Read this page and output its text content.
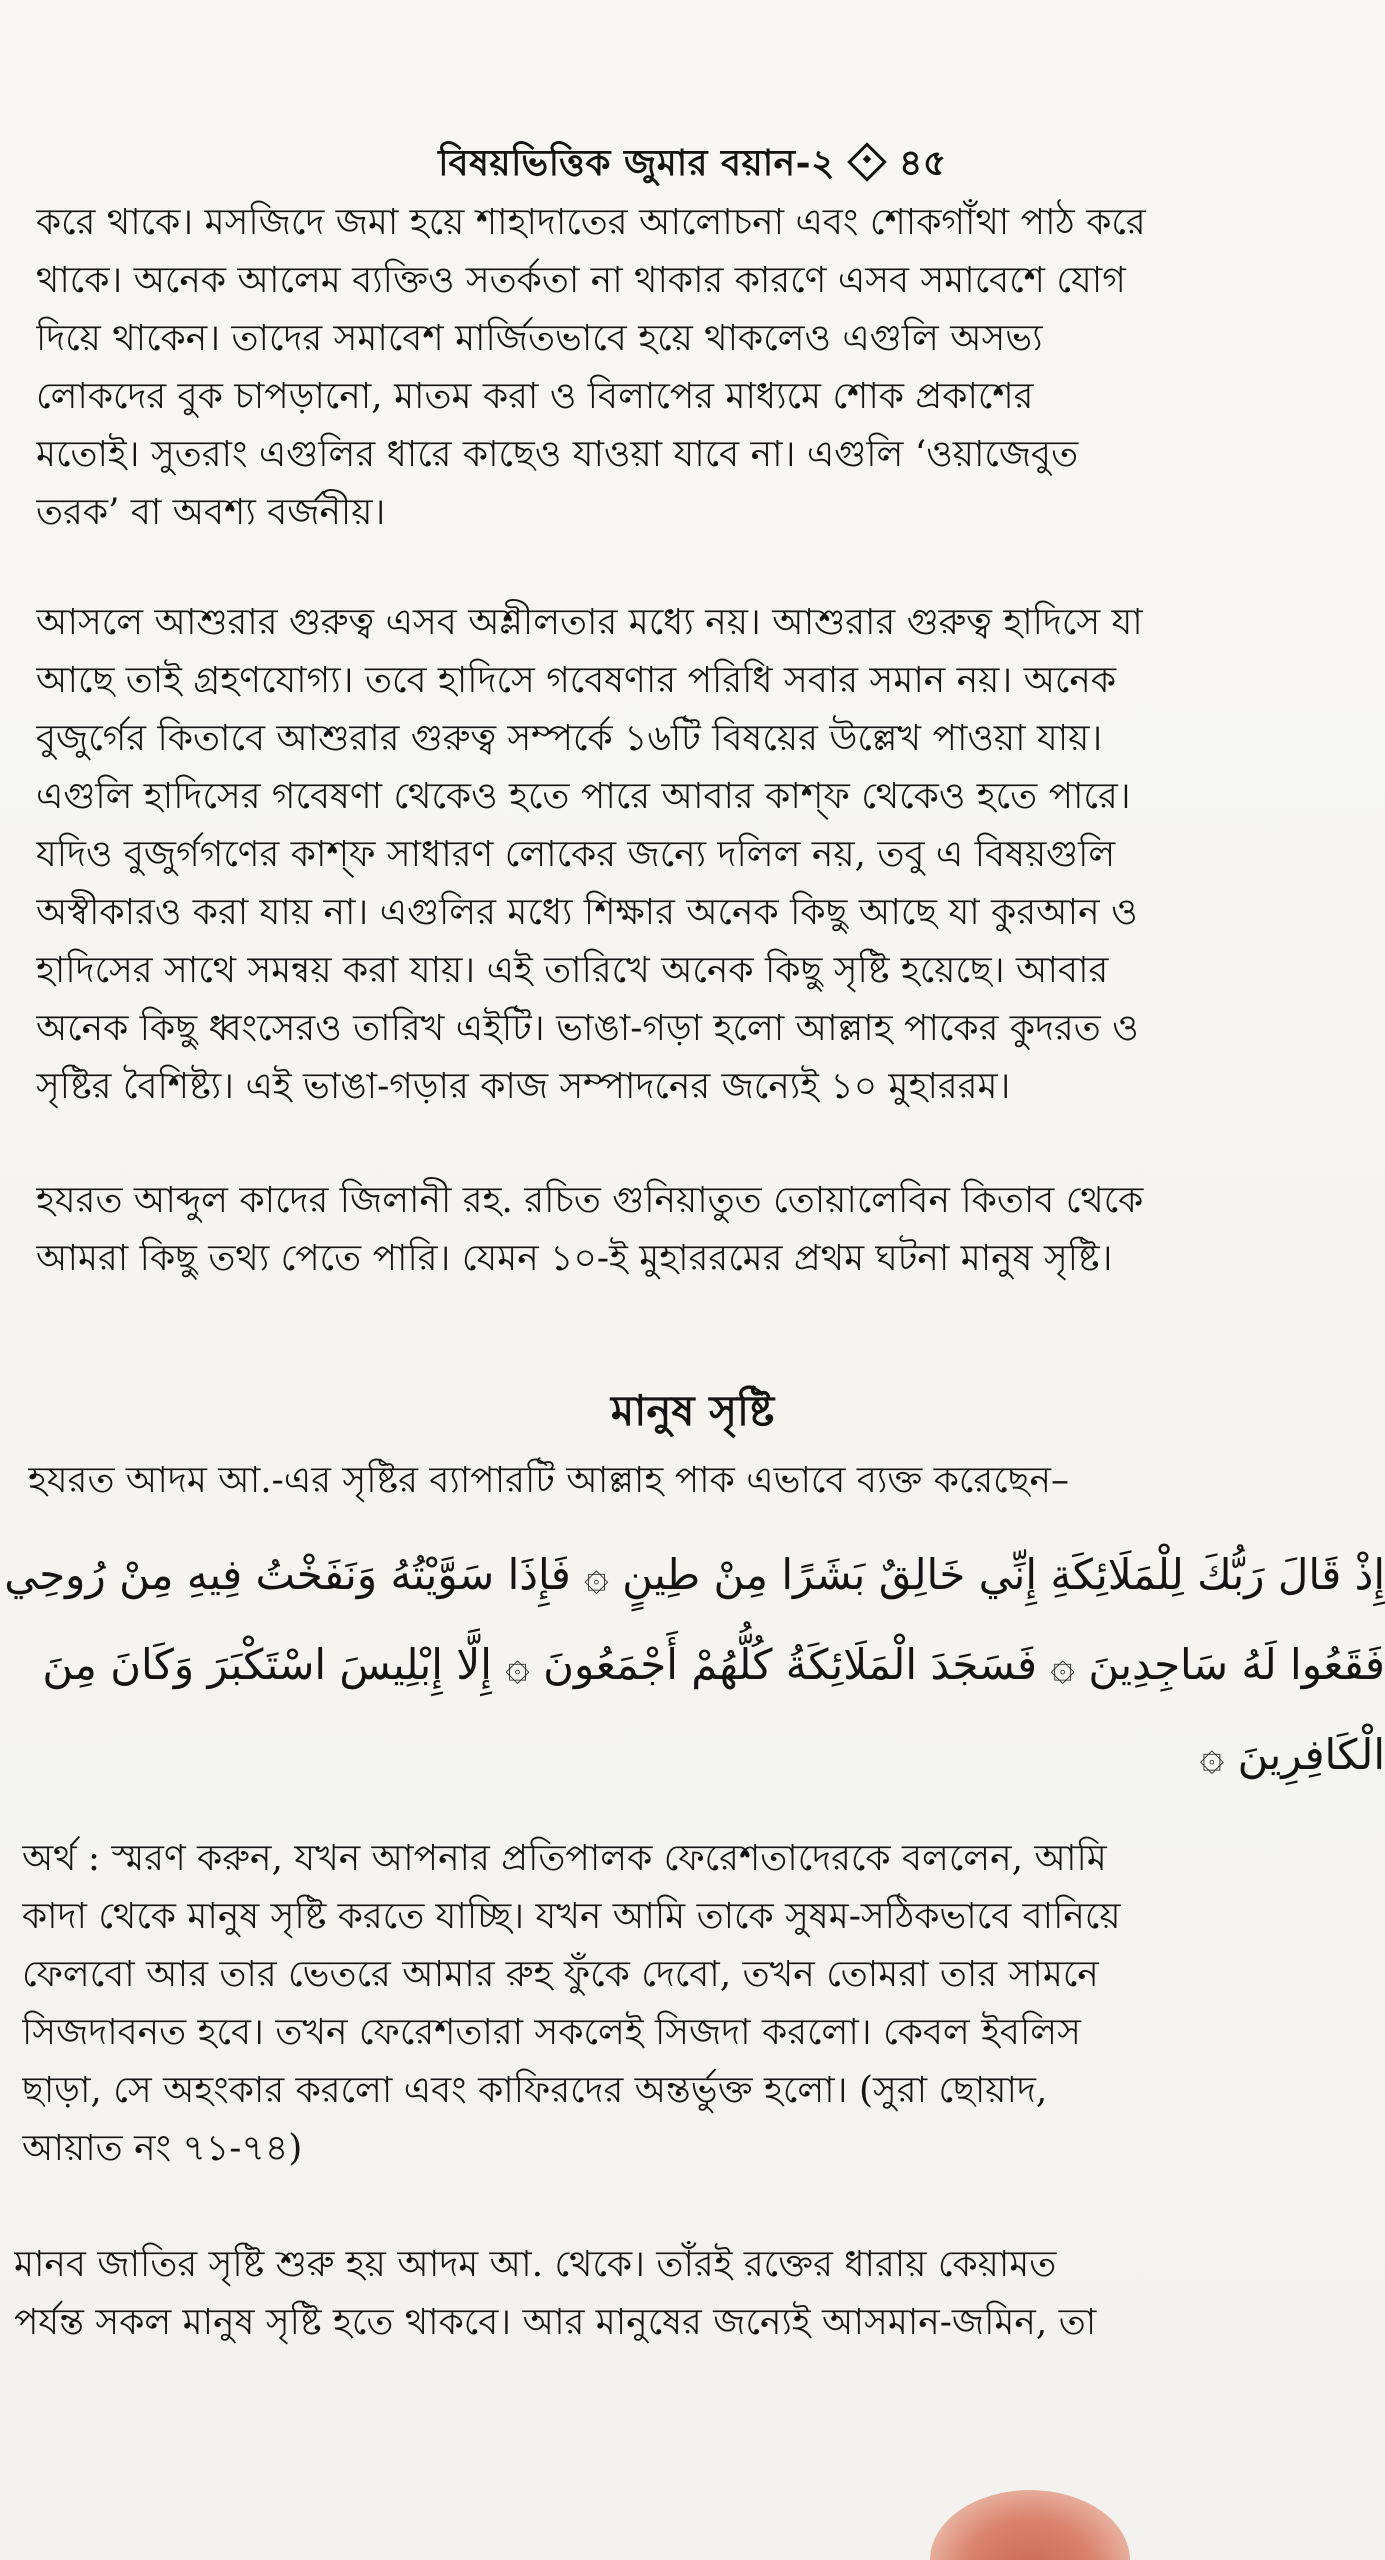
বিষয়ভিত্তিক জুমার বয়ান-২ ৪৫
করে থাকে। মসজিদে জমা হয়ে শাহাদাতের আলোচনা এবং শোকগাঁথা পাঠ করে
থাকে। অনেক আলেম ব্যক্তিও সতর্কতা না থাকার কারণে এসব সমাবেশে যোগ
দিয়ে থাকেন। তাদের সমাবেশ মার্জিতভাবে হয়ে থাকলেও এগুলি অসভ্য
লোকদের বুক চাপড়ানো, মাতম করা ও বিলাপের মাধ্যমে শোক প্রকাশের
মতোই। সুতরাং এগুলির ধারে কাছেও যাওয়া যাবে না। এগুলি ‘ওয়াজেবুত
তরক’ বা অবশ্য বর্জনীয়।
আসলে আশুরার গুরুত্ব এসব অশ্লীলতার মধ্যে নয়। আশুরার গুরুত্ব হাদিসে যা
আছে তাই গ্রহণযোগ্য। তবে হাদিসে গবেষণার পরিধি সবার সমান নয়। অনেক
বুজুর্গের কিতাবে আশুরার গুরুত্ব সম্পর্কে ১৬টি বিষয়ের উল্লেখ পাওয়া যায়।
এগুলি হাদিসের গবেষণা থেকেও হতে পারে আবার কাশ্‌ফ থেকেও হতে পারে।
যদিও বুজুর্গগণের কাশ্‌ফ সাধারণ লোকের জন্যে দলিল নয়, তবু এ বিষয়গুলি
অস্বীকারও করা যায় না। এগুলির মধ্যে শিক্ষার অনেক কিছু আছে যা কুরআন ও
হাদিসের সাথে সমন্বয় করা যায়। এই তারিখে অনেক কিছু সৃষ্টি হয়েছে। আবার
অনেক কিছু ধ্বংসেরও তারিখ এইটি। ভাঙা-গড়া হলো আল্লাহ পাকের কুদরত ও
সৃষ্টির বৈশিষ্ট্য। এই ভাঙা-গড়ার কাজ সম্পাদনের জন্যেই ১০ মুহাররম।
হযরত আব্দুল কাদের জিলানী রহ. রচিত গুনিয়াতুত তোয়ালেবিন কিতাব থেকে
আমরা কিছু তথ্য পেতে পারি। যেমন ১০-ই মুহাররমের প্রথম ঘটনা মানুষ সৃষ্টি।
মানুষ সৃষ্টি
হযরত আদম আ.-এর সৃষ্টির ব্যাপারটি আল্লাহ পাক এভাবে ব্যক্ত করেছেন–
إِذْ قَالَ رَبُّكَ لِلْمَلَائِكَةِ إِنِّي خَالِقٌ بَشَرًا مِنْ طِينٍ ۞ فَإِذَا سَوَّيْتُهُ وَنَفَخْتُ فِيهِ مِنْ رُوحِي
فَقَعُوا لَهُ سَاجِدِينَ ۞ فَسَجَدَ الْمَلَائِكَةُ كُلُّهُمْ أَجْمَعُونَ ۞ إِلَّا إِبْلِيسَ اسْتَكْبَرَ وَكَانَ مِنَ
الْكَافِرِينَ ۞
অর্থ : স্মরণ করুন, যখন আপনার প্রতিপালক ফেরেশতাদেরকে বললেন, আমি
কাদা থেকে মানুষ সৃষ্টি করতে যাচ্ছি। যখন আমি তাকে সুষম-সঠিকভাবে বানিয়ে
ফেলবো আর তার ভেতরে আমার রুহ ফুঁকে দেবো, তখন তোমরা তার সামনে
সিজদাবনত হবে। তখন ফেরেশতারা সকলেই সিজদা করলো। কেবল ইবলিস
ছাড়া, সে অহংকার করলো এবং কাফিরদের অন্তর্ভুক্ত হলো। (সুরা ছোয়াদ,
আয়াত নং ৭১-৭৪)
মানব জাতির সৃষ্টি শুরু হয় আদম আ. থেকে। তাঁরই রক্তের ধারায় কেয়ামত
পর্যন্ত সকল মানুষ সৃষ্টি হতে থাকবে। আর মানুষের জন্যেই আসমান-জমিন, তা
